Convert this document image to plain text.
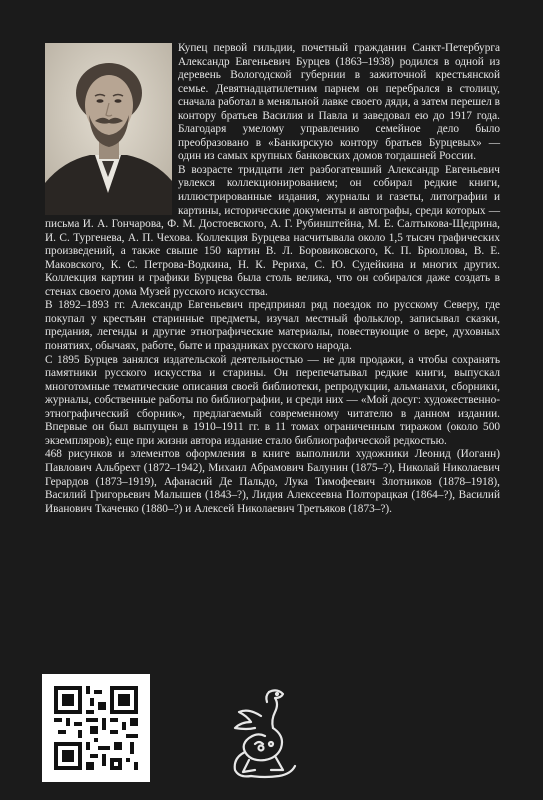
Купец первой гильдии, почетный гражданин Санкт-Петербурга Александр Евгеньевич Бурцев (1863–1938) родился в одной из деревень Вологодской губернии в зажиточной крестьянской семье. Девятнадцатилетним парнем он перебрался в столицу, сначала работал в меняльной лавке своего дяди, а затем перешел в контору братьев Василия и Павла и заведовал ею до 1917 года. Благодаря умелому управлению семейное дело было преобразовано в «Банкирскую контору братьев Бурцевых» — один из самых крупных банковских домов тогдашней России.

В возрасте тридцати лет разбогатевший Александр Евгеньевич увлекся коллекционированием; он собирал редкие книги, иллюстрированные издания, журналы и газеты, литографии и картины, исторические документы и автографы, среди которых — письма И. А. Гончарова, Ф. М. Достоевского, А. Г. Рубинштейна, М. Е. Салтыкова-Щедрина, И. С. Тургенева, А. П. Чехова. Коллекция Бурцева насчитывала около 1,5 тысяч графических произведений, а также свыше 150 картин В. Л. Боровиковского, К. П. Брюллова, В. Е. Маковского, К. С. Петрова-Водкина, Н. К. Рериха, С. Ю. Судейкина и многих других. Коллекция картин и графики Бурцева была столь велика, что он собирался даже создать в стенах своего дома Музей русского искусства.

В 1892–1893 гг. Александр Евгеньевич предпринял ряд поездок по русскому Северу, где покупал у крестьян старинные предметы, изучал местный фольклор, записывал сказки, предания, легенды и другие этнографические материалы, повествующие о вере, духовных понятиях, обычаях, работе, быте и праздниках русского народа.

С 1895 Бурцев занялся издательской деятельностью — не для продажи, а чтобы сохранять памятники русского искусства и старины. Он перепечатывал редкие книги, выпускал многотомные тематические описания своей библиотеки, репродукции, альманахи, сборники, журналы, собственные работы по библиографии, и среди них — «Мой досуг: художественно-этнографический сборник», предлагаемый современному читателю в данном издании. Впервые он был выпущен в 1910–1911 гг. в 11 томах ограниченным тиражом (около 500 экземпляров); еще при жизни автора издание стало библиографической редкостью.

468 рисунков и элементов оформления в книге выполнили художники Леонид (Иоганн) Павлович Альбрехт (1872–1942), Михаил Абрамович Балунин (1875–?), Николай Николаевич Герардов (1873–1919), Афанасий Де Пальдо, Лука Тимофеевич Злотников (1878–1918), Василий Григорьевич Малышев (1843–?), Лидия Алексеевна Полторацкая (1864–?), Василий Иванович Ткаченко (1880–?) и Алексей Николаевич Третьяков (1873–?).
